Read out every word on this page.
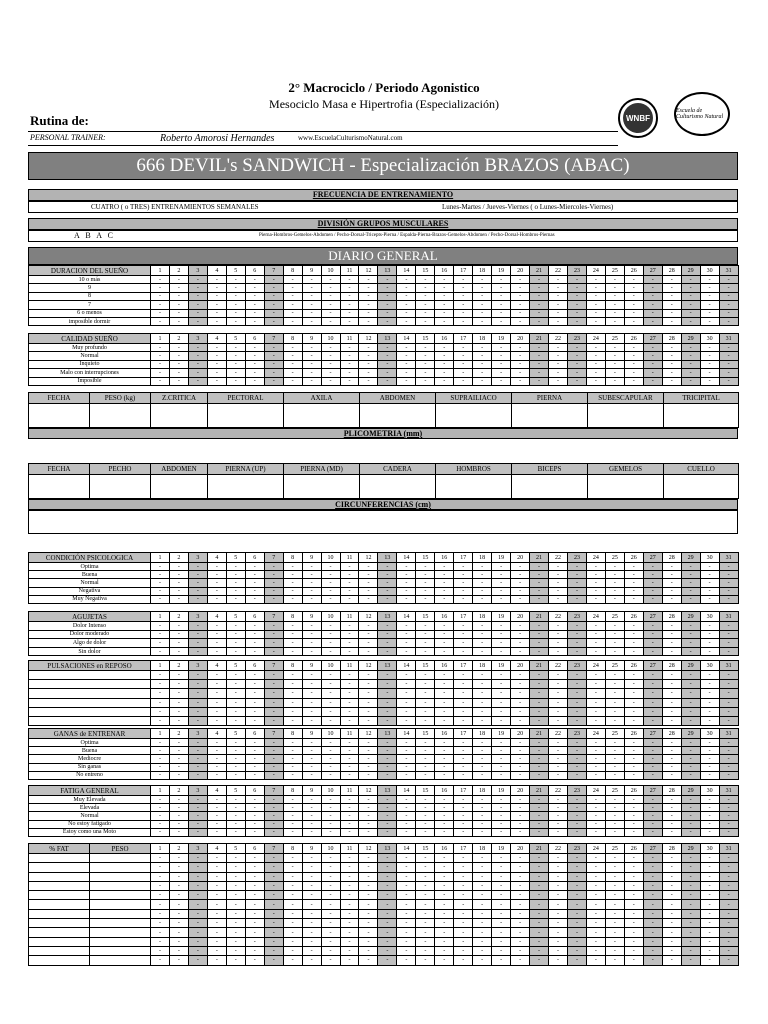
2° Macrociclo / Periodo Agonistico
Mesociclo Masa e Hipertrofia (Especialización)
Rutina de:
PERSONAL TRAINER:	Roberto Amorosi Hernandes	www.EscuelaCulturismoNatural.com
WNBF
Escuela de Culturismo Natural
666 DEVIL's SANDWICH - Especialización BRAZOS (ABAC)
FRECUENCIA DE ENTRENAMIENTO
CUATRO ( o TRES) ENTRENAMIENTOS SEMANALES	Lunes-Martes / Jueves-Viernes ( o Lunes-Miercoles-Viernes)
DIVISIÓN GRUPOS MUSCULARES
A B A C	Pierna-Hombros-Gemelos-Abdomen / Pecho-Dorsal-Tricepts-Pierna / Espalda-Pierna-Brazos-Gemelos-Abdomen / Pecho-Dorsal-Hombros-Piernas
DIARIO GENERAL
DURACION DEL SUEÑO	1	2	3	4	5	6	7	8	9	10	11	12	13	14	15	16	17	18	19	20	21	22	23	24	25	26	27	28	29	30	31
10 o más	-	-	-	-	-	-	-	-	-	-	-	-	-	-	-	-	-	-	-	-	-	-	-	-	-	-	-	-	-	-	-
9	-	-	-	-	-	-	-	-	-	-	-	-	-	-	-	-	-	-	-	-	-	-	-	-	-	-	-	-	-	-	-
8	-	-	-	-	-	-	-	-	-	-	-	-	-	-	-	-	-	-	-	-	-	-	-	-	-	-	-	-	-	-	-
7	-	-	-	-	-	-	-	-	-	-	-	-	-	-	-	-	-	-	-	-	-	-	-	-	-	-	-	-	-	-	-
6 o menos	-	-	-	-	-	-	-	-	-	-	-	-	-	-	-	-	-	-	-	-	-	-	-	-	-	-	-	-	-	-	-
imposible dormir	-	-	-	-	-	-	-	-	-	-	-	-	-	-	-	-	-	-	-	-	-	-	-	-	-	-	-	-	-	-	-
CALIDAD SUEÑO	1	2	3	4	5	6	7	8	9	10	11	12	13	14	15	16	17	18	19	20	21	22	23	24	25	26	27	28	29	30	31
Muy profundo	-	-	-	-	-	-	-	-	-	-	-	-	-	-	-	-	-	-	-	-	-	-	-	-	-	-	-	-	-	-	-
Normal	-	-	-	-	-	-	-	-	-	-	-	-	-	-	-	-	-	-	-	-	-	-	-	-	-	-	-	-	-	-	-
Inquieto	-	-	-	-	-	-	-	-	-	-	-	-	-	-	-	-	-	-	-	-	-	-	-	-	-	-	-	-	-	-	-
Malo con interrupciones	-	-	-	-	-	-	-	-	-	-	-	-	-	-	-	-	-	-	-	-	-	-	-	-	-	-	-	-	-	-	-
Imposible	-	-	-	-	-	-	-	-	-	-	-	-	-	-	-	-	-	-	-	-	-	-	-	-	-	-	-	-	-	-	-
FECHA	PESO (kg)	Z.CRITICA	PECTORAL	AXILA	ABDOMEN	SUPRAILIACO	PIERNA	SUBESCAPULAR	TRICIPITAL

PLICOMETRIA (mm)
FECHA	PECHO	ABDOMEN	PIERNA (UP)	PIERNA (MD)	CADERA	HOMBROS	BICEPS	GEMELOS	CUELLO

CIRCUNFERENCIAS (cm)
CONDICIÓN PSICOLOGICA	1	2	3	4	5	6	7	8	9	10	11	12	13	14	15	16	17	18	19	20	21	22	23	24	25	26	27	28	29	30	31
Optima	-	-	-	-	-	-	-	-	-	-	-	-	-	-	-	-	-	-	-	-	-	-	-	-	-	-	-	-	-	-	-
Buena	-	-	-	-	-	-	-	-	-	-	-	-	-	-	-	-	-	-	-	-	-	-	-	-	-	-	-	-	-	-	-
Normal	-	-	-	-	-	-	-	-	-	-	-	-	-	-	-	-	-	-	-	-	-	-	-	-	-	-	-	-	-	-	-
Negativa	-	-	-	-	-	-	-	-	-	-	-	-	-	-	-	-	-	-	-	-	-	-	-	-	-	-	-	-	-	-	-
Muy Negativa	-	-	-	-	-	-	-	-	-	-	-	-	-	-	-	-	-	-	-	-	-	-	-	-	-	-	-	-	-	-	-
AGUJETAS	1	2	3	4	5	6	7	8	9	10	11	12	13	14	15	16	17	18	19	20	21	22	23	24	25	26	27	28	29	30	31
Dolor Intenso	-	-	-	-	-	-	-	-	-	-	-	-	-	-	-	-	-	-	-	-	-	-	-	-	-	-	-	-	-	-	-
Dolor moderado	-	-	-	-	-	-	-	-	-	-	-	-	-	-	-	-	-	-	-	-	-	-	-	-	-	-	-	-	-	-	-
Algo de dolor	-	-	-	-	-	-	-	-	-	-	-	-	-	-	-	-	-	-	-	-	-	-	-	-	-	-	-	-	-	-	-
Sin dolor	-	-	-	-	-	-	-	-	-	-	-	-	-	-	-	-	-	-	-	-	-	-	-	-	-	-	-	-	-	-	-
PULSACIONES en REPOSO	1	2	3	4	5	6	7	8	9	10	11	12	13	14	15	16	17	18	19	20	21	22	23	24	25	26	27	28	29	30	31
	-	-	-	-	-	-	-	-	-	-	-	-	-	-	-	-	-	-	-	-	-	-	-	-	-	-	-	-	-	-	-
	-	-	-	-	-	-	-	-	-	-	-	-	-	-	-	-	-	-	-	-	-	-	-	-	-	-	-	-	-	-	-
	-	-	-	-	-	-	-	-	-	-	-	-	-	-	-	-	-	-	-	-	-	-	-	-	-	-	-	-	-	-	-
	-	-	-	-	-	-	-	-	-	-	-	-	-	-	-	-	-	-	-	-	-	-	-	-	-	-	-	-	-	-	-
	-	-	-	-	-	-	-	-	-	-	-	-	-	-	-	-	-	-	-	-	-	-	-	-	-	-	-	-	-	-	-
	-	-	-	-	-	-	-	-	-	-	-	-	-	-	-	-	-	-	-	-	-	-	-	-	-	-	-	-	-	-	-
GANAS de ENTRENAR	1	2	3	4	5	6	7	8	9	10	11	12	13	14	15	16	17	18	19	20	21	22	23	24	25	26	27	28	29	30	31
Optima	-	-	-	-	-	-	-	-	-	-	-	-	-	-	-	-	-	-	-	-	-	-	-	-	-	-	-	-	-	-	-
Buena	-	-	-	-	-	-	-	-	-	-	-	-	-	-	-	-	-	-	-	-	-	-	-	-	-	-	-	-	-	-	-
Mediocre	-	-	-	-	-	-	-	-	-	-	-	-	-	-	-	-	-	-	-	-	-	-	-	-	-	-	-	-	-	-	-
Sin ganas	-	-	-	-	-	-	-	-	-	-	-	-	-	-	-	-	-	-	-	-	-	-	-	-	-	-	-	-	-	-	-
No entreno	-	-	-	-	-	-	-	-	-	-	-	-	-	-	-	-	-	-	-	-	-	-	-	-	-	-	-	-	-	-	-
FATIGA GENERAL	1	2	3	4	5	6	7	8	9	10	11	12	13	14	15	16	17	18	19	20	21	22	23	24	25	26	27	28	29	30	31
Muy Elevada	-	-	-	-	-	-	-	-	-	-	-	-	-	-	-	-	-	-	-	-	-	-	-	-	-	-	-	-	-	-	-
Elevada	-	-	-	-	-	-	-	-	-	-	-	-	-	-	-	-	-	-	-	-	-	-	-	-	-	-	-	-	-	-	-
Normal	-	-	-	-	-	-	-	-	-	-	-	-	-	-	-	-	-	-	-	-	-	-	-	-	-	-	-	-	-	-	-
No estoy fatigado	-	-	-	-	-	-	-	-	-	-	-	-	-	-	-	-	-	-	-	-	-	-	-	-	-	-	-	-	-	-	-
Estoy como una Moto	-	-	-	-	-	-	-	-	-	-	-	-	-	-	-	-	-	-	-	-	-	-	-	-	-	-	-	-	-	-	-
% FAT	PESO	1	2	3	4	5	6	7	8	9	10	11	12	13	14	15	16	17	18	19	20	21	22	23	24	25	26	27	28	29	30	31
		-	-	-	-	-	-	-	-	-	-	-	-	-	-	-	-	-	-	-	-	-	-	-	-	-	-	-	-	-	-	-
		-	-	-	-	-	-	-	-	-	-	-	-	-	-	-	-	-	-	-	-	-	-	-	-	-	-	-	-	-	-	-
		-	-	-	-	-	-	-	-	-	-	-	-	-	-	-	-	-	-	-	-	-	-	-	-	-	-	-	-	-	-	-
		-	-	-	-	-	-	-	-	-	-	-	-	-	-	-	-	-	-	-	-	-	-	-	-	-	-	-	-	-	-	-
		-	-	-	-	-	-	-	-	-	-	-	-	-	-	-	-	-	-	-	-	-	-	-	-	-	-	-	-	-	-	-
		-	-	-	-	-	-	-	-	-	-	-	-	-	-	-	-	-	-	-	-	-	-	-	-	-	-	-	-	-	-	-
		-	-	-	-	-	-	-	-	-	-	-	-	-	-	-	-	-	-	-	-	-	-	-	-	-	-	-	-	-	-	-
		-	-	-	-	-	-	-	-	-	-	-	-	-	-	-	-	-	-	-	-	-	-	-	-	-	-	-	-	-	-	-
		-	-	-	-	-	-	-	-	-	-	-	-	-	-	-	-	-	-	-	-	-	-	-	-	-	-	-	-	-	-	-
		-	-	-	-	-	-	-	-	-	-	-	-	-	-	-	-	-	-	-	-	-	-	-	-	-	-	-	-	-	-	-
		-	-	-	-	-	-	-	-	-	-	-	-	-	-	-	-	-	-	-	-	-	-	-	-	-	-	-	-	-	-	-
		-	-	-	-	-	-	-	-	-	-	-	-	-	-	-	-	-	-	-	-	-	-	-	-	-	-	-	-	-	-	-
